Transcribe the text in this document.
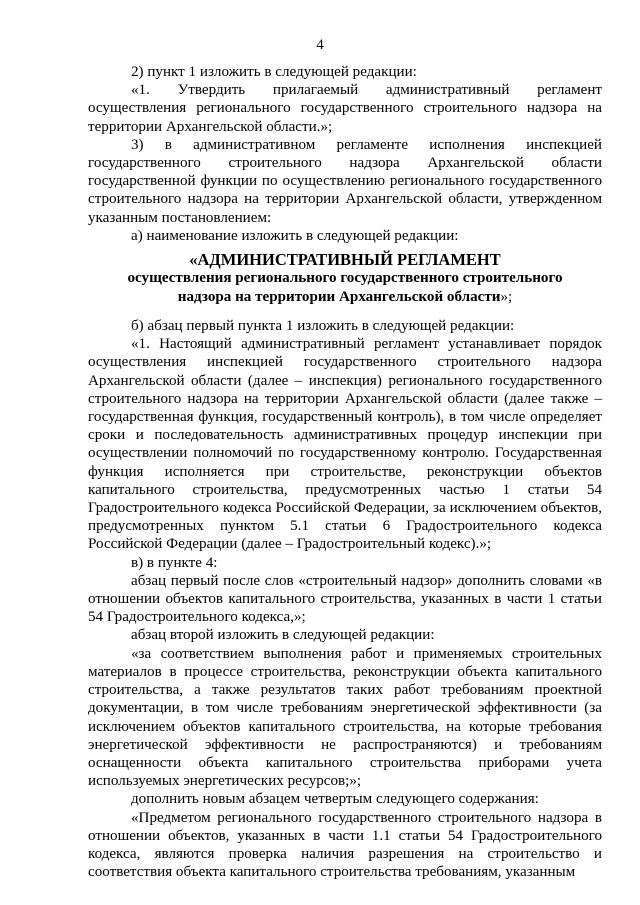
4

2) пункт 1 изложить в следующей редакции:

«1. Утвердить прилагаемый административный регламент осуществления регионального государственного строительного надзора на территории Архангельской области.»;

3) в административном регламенте исполнения инспекцией государственного строительного надзора Архангельской области государственной функции по осуществлению регионального государственного строительного надзора на территории Архангельской области, утвержденном указанным постановлением:

а) наименование изложить в следующей редакции:

«АДМИНИСТРАТИВНЫЙ РЕГЛАМЕНТ
осуществления регионального государственного строительного
надзора на территории Архангельской области»;

б) абзац первый пункта 1 изложить в следующей редакции:

«1. Настоящий административный регламент устанавливает порядок осуществления инспекцией государственного строительного надзора Архангельской области (далее – инспекция) регионального государственного строительного надзора на территории Архангельской области (далее также – государственная функция, государственный контроль), в том числе определяет сроки и последовательность административных процедур инспекции при осуществлении полномочий по государственному контролю. Государственная функция исполняется при строительстве, реконструкции объектов капитального строительства, предусмотренных частью 1 статьи 54 Градостроительного кодекса Российской Федерации, за исключением объектов, предусмотренных пунктом 5.1 статьи 6 Градостроительного кодекса Российской Федерации (далее – Градостроительный кодекс).»;

в) в пункте 4:

абзац первый после слов «строительный надзор» дополнить словами «в отношении объектов капитального строительства, указанных в части 1 статьи 54 Градостроительного кодекса,»;

абзац второй изложить в следующей редакции:

«за соответствием выполнения работ и применяемых строительных материалов в процессе строительства, реконструкции объекта капитального строительства, а также результатов таких работ требованиям проектной документации, в том числе требованиям энергетической эффективности (за исключением объектов капитального строительства, на которые требования энергетической эффективности не распространяются) и требованиям оснащенности объекта капитального строительства приборами учета используемых энергетических ресурсов;»;

дополнить новым абзацем четвертым следующего содержания:

«Предметом регионального государственного строительного надзора в отношении объектов, указанных в части 1.1 статьи 54 Градостроительного кодекса, являются проверка наличия разрешения на строительство и соответствия объекта капитального строительства требованиям, указанным
